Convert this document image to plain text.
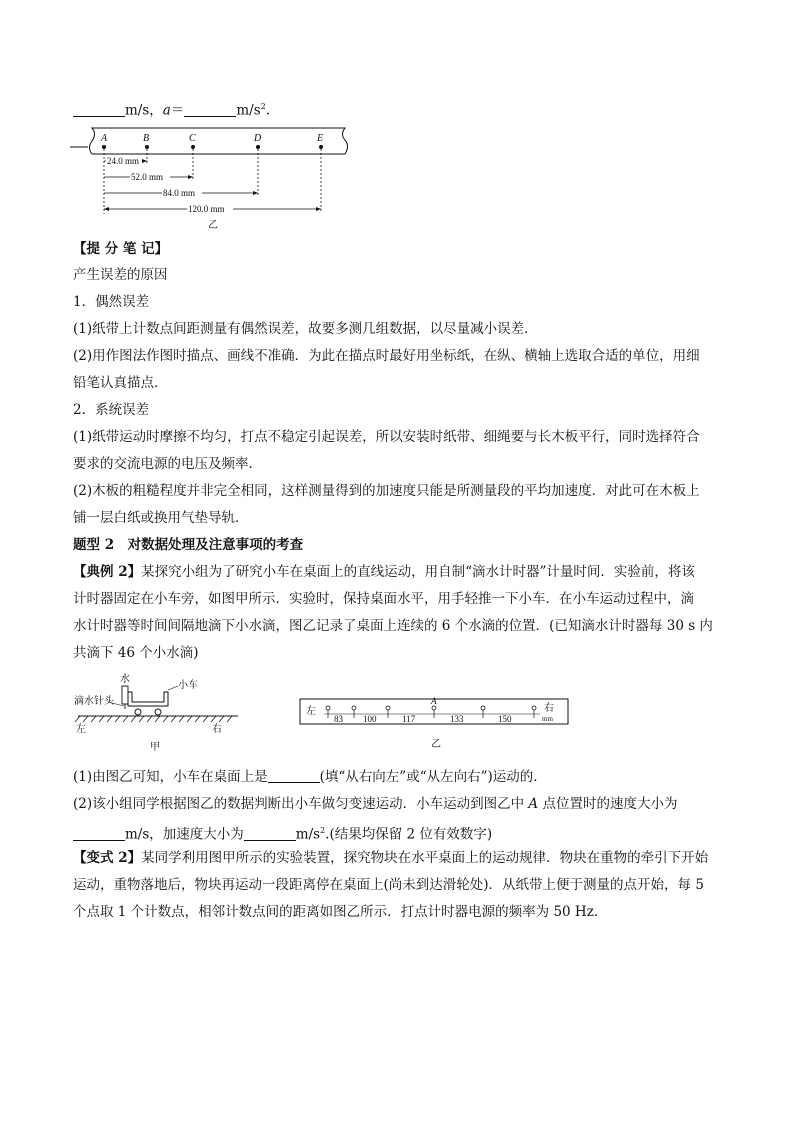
m/s，a＝	$m/s^2$.
A	B	C	D	E
24.0 mm
52.0 mm
84.0 mm
120.0 mm
乙
【提 分 笔 记】
产生误差的原因
1．偶然误差
(1)纸带上计数点间距测量有偶然误差，故要多测几组数据，以尽量减小误差．
(2)用作图法作图时描点、画线不准确．为此在描点时最好用坐标纸，在纵、横轴上选取合适的单位，用细
铅笔认真描点．
2．系统误差
(1)纸带运动时摩擦不均匀，打点不稳定引起误差，所以安装时纸带、细绳要与长木板平行，同时选择符合
要求的交流电源的电压及频率．
(2)木板的粗糙程度并非完全相同，这样测量得到的加速度只能是所测量段的平均加速度．对此可在木板上
铺一层白纸或换用气垫导轨．
题型 2　对数据处理及注意事项的考查
【典例 2】某探究小组为了研究小车在桌面上的直线运动，用自制“滴水计时器”计量时间．实验前，将该
计时器固定在小车旁，如图甲所示．实验时，保持桌面水平，用手轻推一下小车．在小车运动过程中，滴
水计时器等时间间隔地滴下小水滴，图乙记录了桌面上连续的 6 个水滴的位置．(已知滴水计时器每 30 s 内
共滴下 46 个小水滴)
水
小车
滴水针头
左	右
甲
左	右
mm
A
83 100	117	133	150
乙
(1)由图乙可知，小车在桌面上是	(填“从右向左”或“从左向右”)运动的．
(2)该小组同学根据图乙的数据判断出小车做匀变速运动．小车运动到图乙中 A 点位置时的速度大小为
m/s，加速度大小为	$m/s^2$.(结果均保留 2 位有效数字)
【变式 2】某同学利用图甲所示的实验装置，探究物块在水平桌面上的运动规律．物块在重物的牵引下开始
运动，重物落地后，物块再运动一段距离停在桌面上(尚未到达滑轮处)．从纸带上便于测量的点开始，每 5
个点取 1 个计数点，相邻计数点间的距离如图乙所示．打点计时器电源的频率为 50 Hz.
